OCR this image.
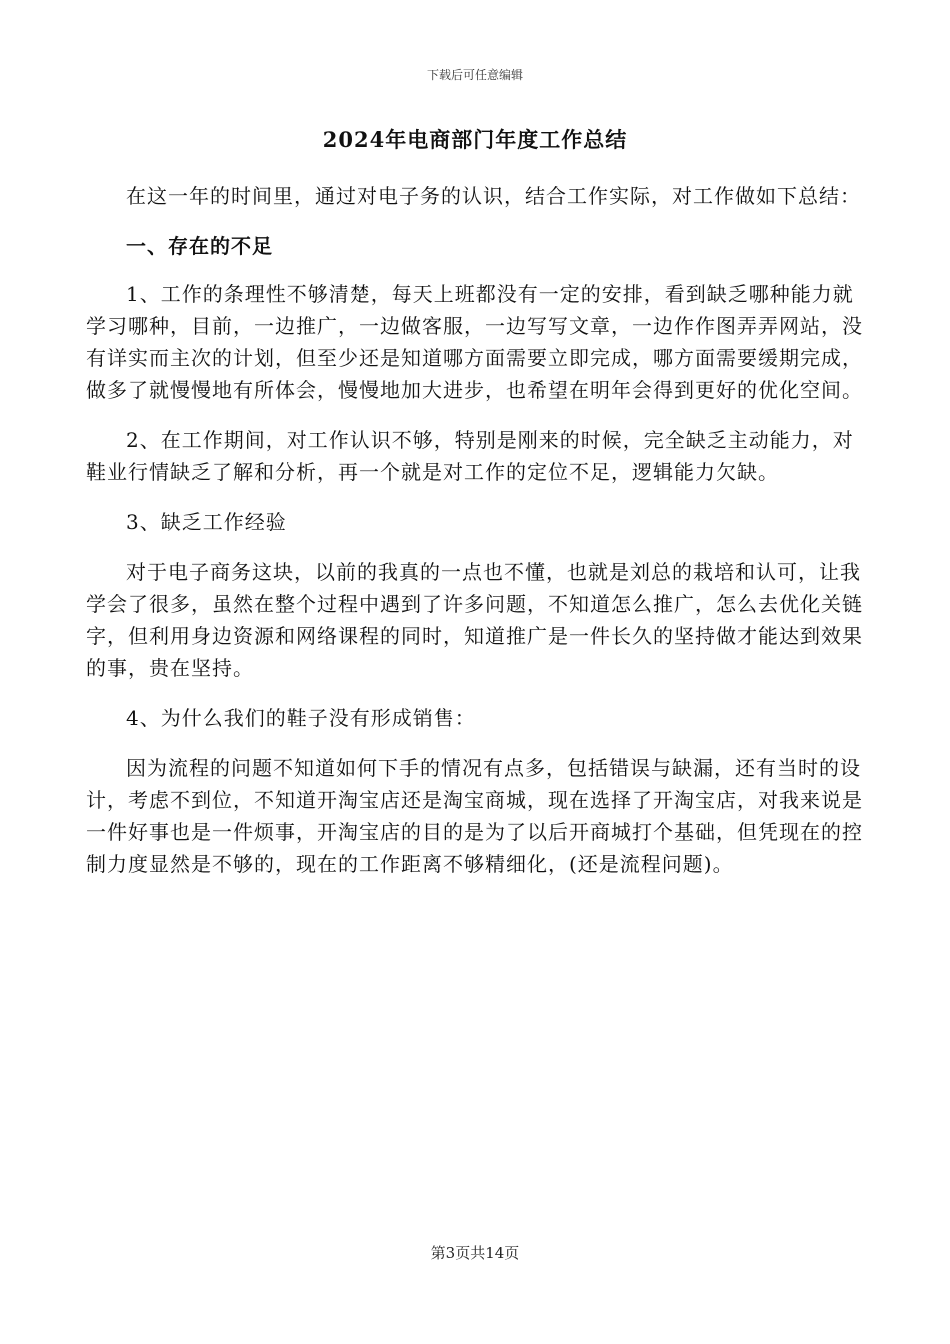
下载后可任意编辑
2024年电商部门年度工作总结

在这一年的时间里，通过对电子务的认识，结合工作实际，对工作做如下总结：

一、存在的不足

1、工作的条理性不够清楚，每天上班都没有一定的安排，看到缺乏哪种能力就学习哪种，目前，一边推广，一边做客服，一边写写文章，一边作作图弄弄网站，没有详实而主次的计划，但至少还是知道哪方面需要立即完成，哪方面需要缓期完成，做多了就慢慢地有所体会，慢慢地加大进步，也希望在明年会得到更好的优化空间。

2、在工作期间，对工作认识不够，特别是刚来的时候，完全缺乏主动能力，对鞋业行情缺乏了解和分析，再一个就是对工作的定位不足，逻辑能力欠缺。

3、缺乏工作经验

对于电子商务这块，以前的我真的一点也不懂，也就是刘总的栽培和认可，让我学会了很多，虽然在整个过程中遇到了许多问题，不知道怎么推广，怎么去优化关链字，但利用身边资源和网络课程的同时，知道推广是一件长久的坚持做才能达到效果的事，贵在坚持。

4、为什么我们的鞋子没有形成销售：

因为流程的问题不知道如何下手的情况有点多，包括错误与缺漏，还有当时的设计，考虑不到位，不知道开淘宝店还是淘宝商城，现在选择了开淘宝店，对我来说是一件好事也是一件烦事，开淘宝店的目的是为了以后开商城打个基础，但凭现在的控制力度显然是不够的，现在的工作距离不够精细化，(还是流程问题)。

第3页共14页
